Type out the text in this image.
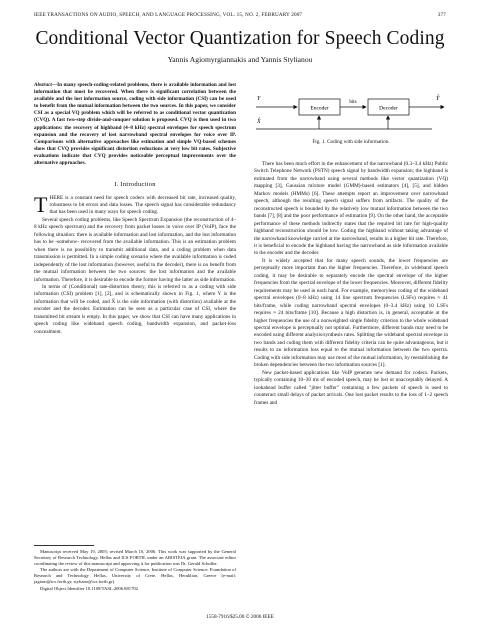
IEEE TRANSACTIONS ON AUDIO, SPEECH, AND LANGUAGE PROCESSING, VOL. 15, NO. 2, FEBRUARY 2007	377
Conditional Vector Quantization for Speech Coding
Yannis Agiomyrgiannakis and Yannis Stylianou

Abstract—In many speech-coding-related problems, there is available information and lost information that must be recovered. When there is significant correlation between the available and the lost information source, coding with side information (CSI) can be used to benefit from the mutual information between the two sources. In this paper, we consider CSI as a special VQ problem which will be referred to as conditional vector quantization (CVQ). A fast two-step divide-and-conquer solution is proposed. CVQ is then used in two applications: the recovery of highband (4–8 kHz) spectral envelopes for speech spectrum expansion and the recovery of lost narrowband spectral envelopes for voice over IP. Comparisons with alternative approaches like estimation and simple VQ-based schemes show that CVQ provides significant distortion reductions at very low bit rates. Subjective evaluations indicate that CVQ provides noticeable perceptual improvements over the alternative approaches.

I. Introduction

THERE is a constant need for speech codecs with decreased bit rate, increased quality, robustness to bit errors and data losses. The speech signal has considerable redundancy that has been used in many ways for speech coding.

Several speech coding problems, like Speech Spectrum Expansion (the reconstruction of 4–8 kHz speech spectrum) and the recovery from packet losses in voice over IP (VoIP), face the following situation: there is available information and lost information, and the lost information has to be -somehow- recovered from the available information. This is an estimation problem when there is no possibility to transmit additional data, and a coding problem when data transmission is permitted. In a simple coding scenario where the available information is coded independently of the lost information (however, useful to the decoder), there is no benefit from the mutual information between the two sources: the lost information and the available information. Therefore, it is desirable to encode the former having the latter as side information.

In terms of (Conditional) rate-distortion theory, this is referred to as a coding with side information (CSI) problem [1], [2], and is schematically shown in Fig. 1, where Y is the information that will be coded, and X̂ is the side information (with distortion) available at the encoder and the decoder. Estimation can be seen as a particular case of CSI, where the transmitted bit stream is empty. In this paper, we show that CSI can have many applications in speech coding like wideband speech coding, bandwidth expansion, and packet-loss concealment.

Manuscript received May 19, 2005; revised March 10, 2006. This work was supported by the General Secretary of Research Technology, Hellas and ICS FORTH, under an ARISTEIA grant. The associate editor coordinating the review of this manuscript and approving it for publication was Dr. Gerald Schuller.

The authors are with the Department of Computer Science, Institute of Computer Science, Foundation of Research and Technology Hellas, University of Crete, Hellas, Heraklion, Greece (e-mail: jagiom@ics.forth.gr; styliano@ics.forth.gr).

Digital Object Identifier 10.1109/TASL.2006.881702

Y
X̂
Encoder
bits
Decoder
Ŷ
Fig. 1. Coding with side information.

There has been much effort in the enhancement of the narrowband (0.3–3.4 kHz) Public Switch Telephone Network (PSTN) speech signal by bandwidth expansion; the highband is estimated from the narrowband using several methods like vector quantization (VQ) mapping [3], Gaussian mixture model (GMM)-based estimators [4], [5], and hidden Markov models (HMMs) [6]. These attempts report an improvement over narrowband speech, although the resulting speech signal suffers from artifacts. The quality of the reconstructed speech is bounded by the relatively low mutual information between the two bands [7], [8] and the poor performance of estimation [9]. On the other hand, the acceptable performance of these methods indirectly states that the required bit rate for high-quality highband reconstruction should be low. Coding the highband without taking advantage of the narrowband knowledge carried at the narrowband, results in a higher bit rate. Therefore, it is beneficial to encode the highband having the narrowband as side information available to the encoder and the decoder.

It is widely accepted that for many speech sounds, the lower frequencies are perceptually more important than the higher frequencies. Therefore, in wideband speech coding, it may be desirable to separately encode the spectral envelope of the higher frequencies from the spectral envelope of the lower frequencies. Moreover, different fidelity requirements may be used in each band. For example, memoryless coding of the wideband spectral envelopes (0–8 kHz) using 14 line spectrum frequencies (LSFs) requires ≈ 41 bits/frame, while coding narrowband spectral envelopes (0–3.4 kHz) using 10 LSFs requires ≈ 24 bits/frame [10]. Because a high distortion is, in general, acceptable at the higher frequencies the use of a nonweighted single fidelity criterion to the whole wideband spectral envelope is perceptually not optimal. Furthermore, different bands may need to be encoded using different analysis/synthesis rates. Splitting the wideband spectral envelope in two bands and coding them with different fidelity criteria can be quite advantageous, but it results to an information loss equal to the mutual information between the two spectra. Coding with side information may use most of the mutual information, by reestablishing the broken dependencies between the two information sources [1].

New packet-based applications like VoIP generate new demand for codecs. Packets, typically containing 10–30 ms of encoded speech, may be lost or unacceptably delayed. A lookahead buffer called "jitter buffer" containing a few packets of speech is used to counteract small delays of packet arrivals. One lost packet results to the loss of 1–2 speech frames and

1558-7916/$25.00 © 2006 IEEE
